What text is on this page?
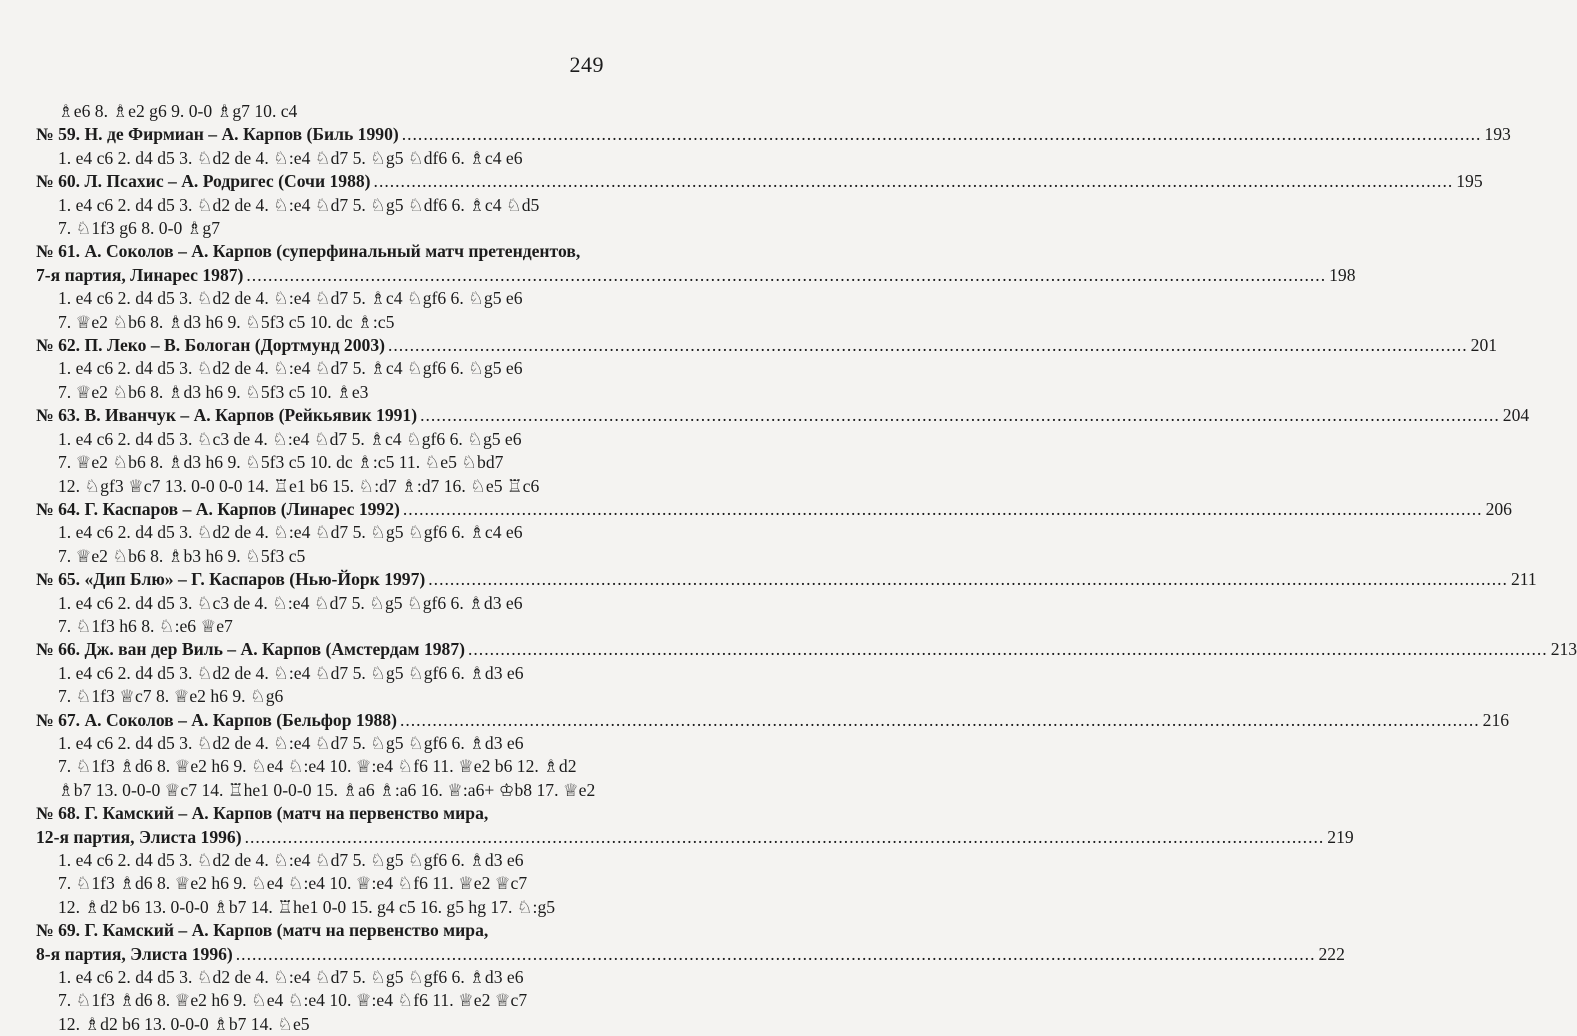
249
♗e6 8. ♗e2 g6 9. 0-0 ♗g7 10. c4
№ 59. Н. де Фирмиан – А. Карпов (Биль 1990) ........................................................................................................................................................................................................ 193
1. e4 c6 2. d4 d5 3. ♘d2 de 4. ♘:e4 ♘d7 5. ♘g5 ♘df6 6. ♗c4 e6
№ 60. Л. Псахис – А. Родригес (Сочи 1988) ........................................................................................................................................................................................................ 195
1. e4 c6 2. d4 d5 3. ♘d2 de 4. ♘:e4 ♘d7 5. ♘g5 ♘df6 6. ♗c4 ♘d5
7. ♘1f3 g6 8. 0-0 ♗g7
№ 61. А. Соколов – А. Карпов (суперфинальный матч претендентов,
7-я партия, Линарес 1987) ........................................................................................................................................................................................................ 198
1. e4 c6 2. d4 d5 3. ♘d2 de 4. ♘:e4 ♘d7 5. ♗c4 ♘gf6 6. ♘g5 e6
7. ♕e2 ♘b6 8. ♗d3 h6 9. ♘5f3 c5 10. dc ♗:c5
№ 62. П. Леко – В. Бологан (Дортмунд 2003) ........................................................................................................................................................................................................ 201
1. e4 c6 2. d4 d5 3. ♘d2 de 4. ♘:e4 ♘d7 5. ♗c4 ♘gf6 6. ♘g5 e6
7. ♕e2 ♘b6 8. ♗d3 h6 9. ♘5f3 c5 10. ♗e3
№ 63. В. Иванчук – А. Карпов (Рейкьявик 1991) ........................................................................................................................................................................................................ 204
1. e4 c6 2. d4 d5 3. ♘c3 de 4. ♘:e4 ♘d7 5. ♗c4 ♘gf6 6. ♘g5 e6
7. ♕e2 ♘b6 8. ♗d3 h6 9. ♘5f3 c5 10. dc ♗:c5 11. ♘e5 ♘bd7
12. ♘gf3 ♕c7 13. 0-0 0-0 14. ♖e1 b6 15. ♘:d7 ♗:d7 16. ♘e5 ♖c6
№ 64. Г. Каспаров – А. Карпов (Линарес 1992) ........................................................................................................................................................................................................ 206
1. e4 c6 2. d4 d5 3. ♘d2 de 4. ♘:e4 ♘d7 5. ♘g5 ♘gf6 6. ♗c4 e6
7. ♕e2 ♘b6 8. ♗b3 h6 9. ♘5f3 c5
№ 65. «Дип Блю» – Г. Каспаров (Нью-Йорк 1997) ........................................................................................................................................................................................................ 211
1. e4 c6 2. d4 d5 3. ♘c3 de 4. ♘:e4 ♘d7 5. ♘g5 ♘gf6 6. ♗d3 e6
7. ♘1f3 h6 8. ♘:e6 ♕e7
№ 66. Дж. ван дер Виль – А. Карпов (Амстердам 1987) ........................................................................................................................................................................................................ 213
1. e4 c6 2. d4 d5 3. ♘d2 de 4. ♘:e4 ♘d7 5. ♘g5 ♘gf6 6. ♗d3 e6
7. ♘1f3 ♕c7 8. ♕e2 h6 9. ♘g6
№ 67. А. Соколов – А. Карпов (Бельфор 1988) ........................................................................................................................................................................................................ 216
1. e4 c6 2. d4 d5 3. ♘d2 de 4. ♘:e4 ♘d7 5. ♘g5 ♘gf6 6. ♗d3 e6
7. ♘1f3 ♗d6 8. ♕e2 h6 9. ♘e4 ♘:e4 10. ♕:e4 ♘f6 11. ♕e2 b6 12. ♗d2
♗b7 13. 0-0-0 ♕c7 14. ♖he1 0-0-0 15. ♗a6 ♗:a6 16. ♕:a6+ ♔b8 17. ♕e2
№ 68. Г. Камский – А. Карпов (матч на первенство мира,
12-я партия, Элиста 1996) ........................................................................................................................................................................................................ 219
1. e4 c6 2. d4 d5 3. ♘d2 de 4. ♘:e4 ♘d7 5. ♘g5 ♘gf6 6. ♗d3 e6
7. ♘1f3 ♗d6 8. ♕e2 h6 9. ♘e4 ♘:e4 10. ♕:e4 ♘f6 11. ♕e2 ♕c7
12. ♗d2 b6 13. 0-0-0 ♗b7 14. ♖he1 0-0 15. g4 c5 16. g5 hg 17. ♘:g5
№ 69. Г. Камский – А. Карпов (матч на первенство мира,
8-я партия, Элиста 1996) ........................................................................................................................................................................................................ 222
1. e4 c6 2. d4 d5 3. ♘d2 de 4. ♘:e4 ♘d7 5. ♘g5 ♘gf6 6. ♗d3 e6
7. ♘1f3 ♗d6 8. ♕e2 h6 9. ♘e4 ♘:e4 10. ♕:e4 ♘f6 11. ♕e2 ♕c7
12. ♗d2 b6 13. 0-0-0 ♗b7 14. ♘e5
